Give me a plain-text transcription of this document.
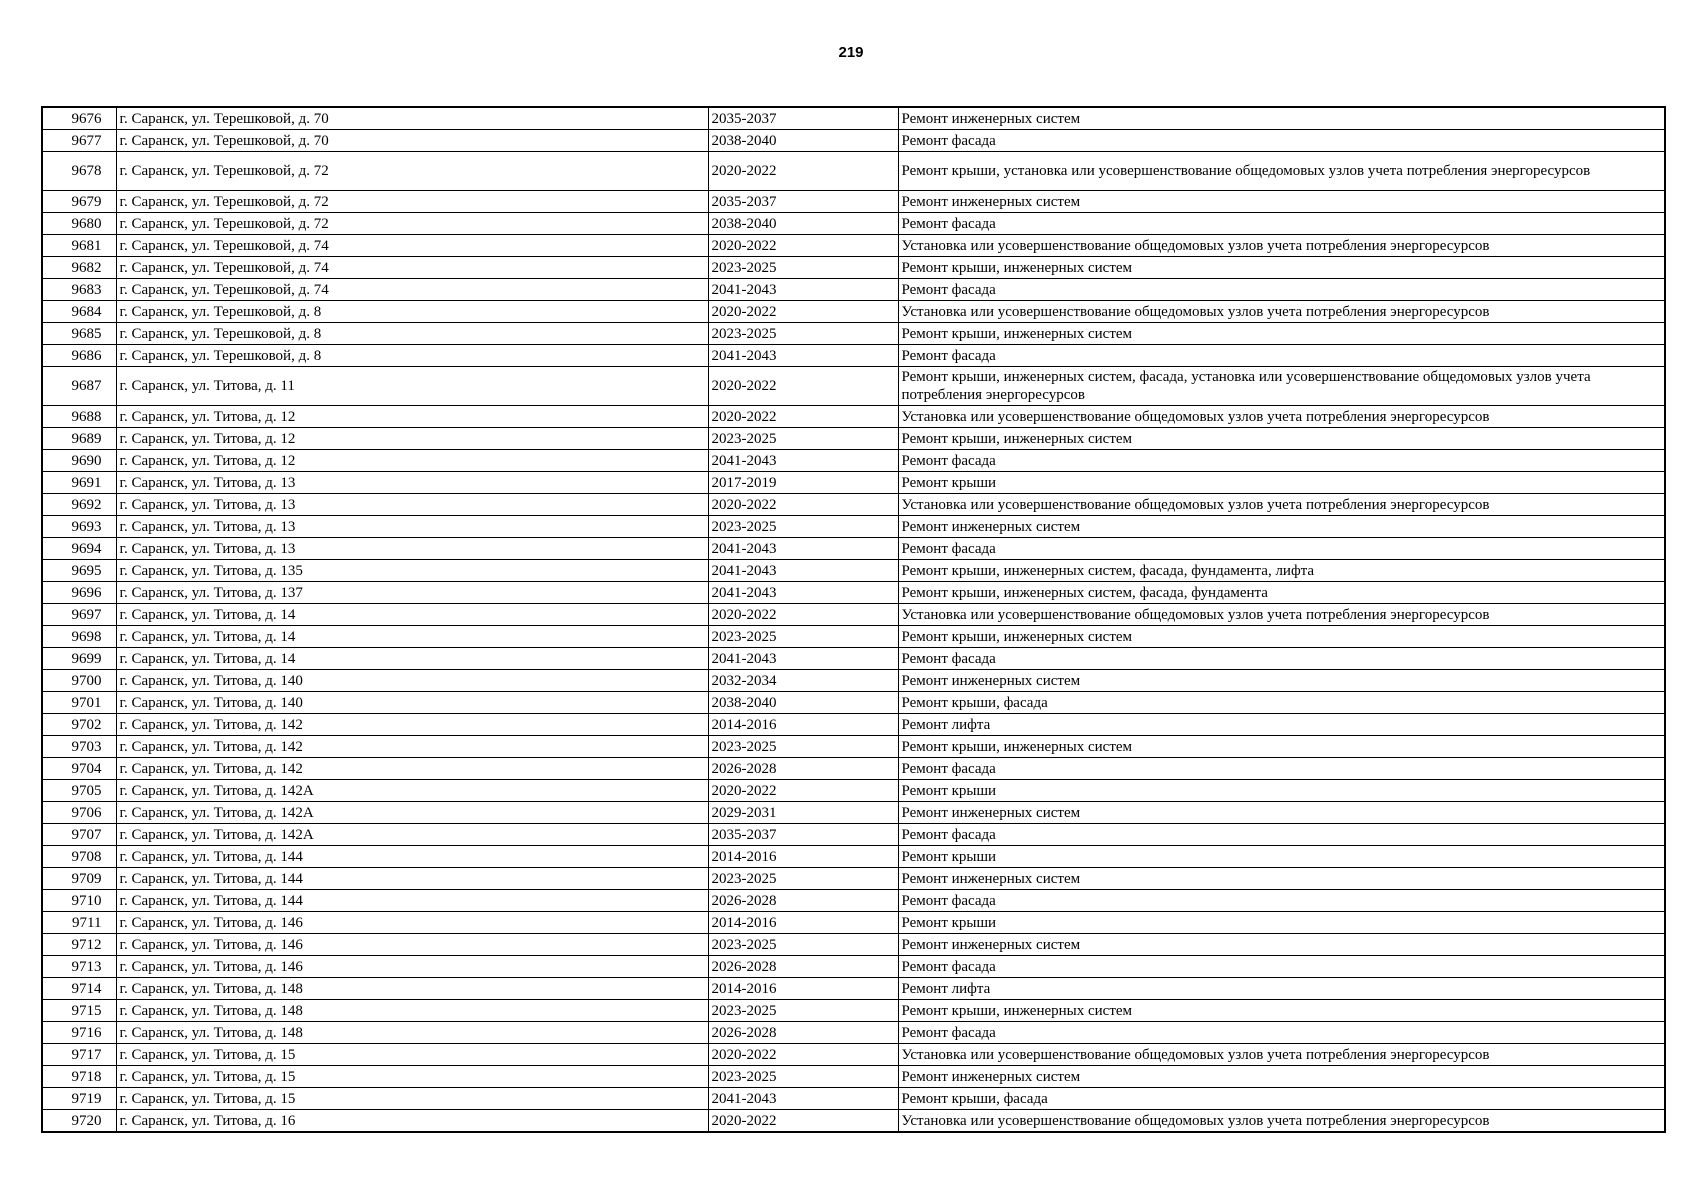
219
9676	г. Саранск, ул. Терешковой, д. 70	2035-2037	Ремонт инженерных систем
9677	г. Саранск, ул. Терешковой, д. 70	2038-2040	Ремонт фасада
9678	г. Саранск, ул. Терешковой, д. 72	2020-2022	Ремонт крыши, установка или усовершенствование общедомовых узлов учета потребления энергоресурсов
9679	г. Саранск, ул. Терешковой, д. 72	2035-2037	Ремонт инженерных систем
9680	г. Саранск, ул. Терешковой, д. 72	2038-2040	Ремонт фасада
9681	г. Саранск, ул. Терешковой, д. 74	2020-2022	Установка или усовершенствование общедомовых узлов учета потребления энергоресурсов
9682	г. Саранск, ул. Терешковой, д. 74	2023-2025	Ремонт крыши, инженерных систем
9683	г. Саранск, ул. Терешковой, д. 74	2041-2043	Ремонт фасада
9684	г. Саранск, ул. Терешковой, д. 8	2020-2022	Установка или усовершенствование общедомовых узлов учета потребления энергоресурсов
9685	г. Саранск, ул. Терешковой, д. 8	2023-2025	Ремонт крыши, инженерных систем
9686	г. Саранск, ул. Терешковой, д. 8	2041-2043	Ремонт фасада
9687	г. Саранск, ул. Титова, д. 11	2020-2022	Ремонт крыши, инженерных систем, фасада, установка или усовершенствование общедомовых узлов учета потребления энергоресурсов
9688	г. Саранск, ул. Титова, д. 12	2020-2022	Установка или усовершенствование общедомовых узлов учета потребления энергоресурсов
9689	г. Саранск, ул. Титова, д. 12	2023-2025	Ремонт крыши, инженерных систем
9690	г. Саранск, ул. Титова, д. 12	2041-2043	Ремонт фасада
9691	г. Саранск, ул. Титова, д. 13	2017-2019	Ремонт крыши
9692	г. Саранск, ул. Титова, д. 13	2020-2022	Установка или усовершенствование общедомовых узлов учета потребления энергоресурсов
9693	г. Саранск, ул. Титова, д. 13	2023-2025	Ремонт инженерных систем
9694	г. Саранск, ул. Титова, д. 13	2041-2043	Ремонт фасада
9695	г. Саранск, ул. Титова, д. 135	2041-2043	Ремонт крыши, инженерных систем, фасада, фундамента, лифта
9696	г. Саранск, ул. Титова, д. 137	2041-2043	Ремонт крыши, инженерных систем, фасада, фундамента
9697	г. Саранск, ул. Титова, д. 14	2020-2022	Установка или усовершенствование общедомовых узлов учета потребления энергоресурсов
9698	г. Саранск, ул. Титова, д. 14	2023-2025	Ремонт крыши, инженерных систем
9699	г. Саранск, ул. Титова, д. 14	2041-2043	Ремонт фасада
9700	г. Саранск, ул. Титова, д. 140	2032-2034	Ремонт инженерных систем
9701	г. Саранск, ул. Титова, д. 140	2038-2040	Ремонт крыши, фасада
9702	г. Саранск, ул. Титова, д. 142	2014-2016	Ремонт лифта
9703	г. Саранск, ул. Титова, д. 142	2023-2025	Ремонт крыши, инженерных систем
9704	г. Саранск, ул. Титова, д. 142	2026-2028	Ремонт фасада
9705	г. Саранск, ул. Титова, д. 142А	2020-2022	Ремонт крыши
9706	г. Саранск, ул. Титова, д. 142А	2029-2031	Ремонт инженерных систем
9707	г. Саранск, ул. Титова, д. 142А	2035-2037	Ремонт фасада
9708	г. Саранск, ул. Титова, д. 144	2014-2016	Ремонт крыши
9709	г. Саранск, ул. Титова, д. 144	2023-2025	Ремонт инженерных систем
9710	г. Саранск, ул. Титова, д. 144	2026-2028	Ремонт фасада
9711	г. Саранск, ул. Титова, д. 146	2014-2016	Ремонт крыши
9712	г. Саранск, ул. Титова, д. 146	2023-2025	Ремонт инженерных систем
9713	г. Саранск, ул. Титова, д. 146	2026-2028	Ремонт фасада
9714	г. Саранск, ул. Титова, д. 148	2014-2016	Ремонт лифта
9715	г. Саранск, ул. Титова, д. 148	2023-2025	Ремонт крыши, инженерных систем
9716	г. Саранск, ул. Титова, д. 148	2026-2028	Ремонт фасада
9717	г. Саранск, ул. Титова, д. 15	2020-2022	Установка или усовершенствование общедомовых узлов учета потребления энергоресурсов
9718	г. Саранск, ул. Титова, д. 15	2023-2025	Ремонт инженерных систем
9719	г. Саранск, ул. Титова, д. 15	2041-2043	Ремонт крыши, фасада
9720	г. Саранск, ул. Титова, д. 16	2020-2022	Установка или усовершенствование общедомовых узлов учета потребления энергоресурсов
